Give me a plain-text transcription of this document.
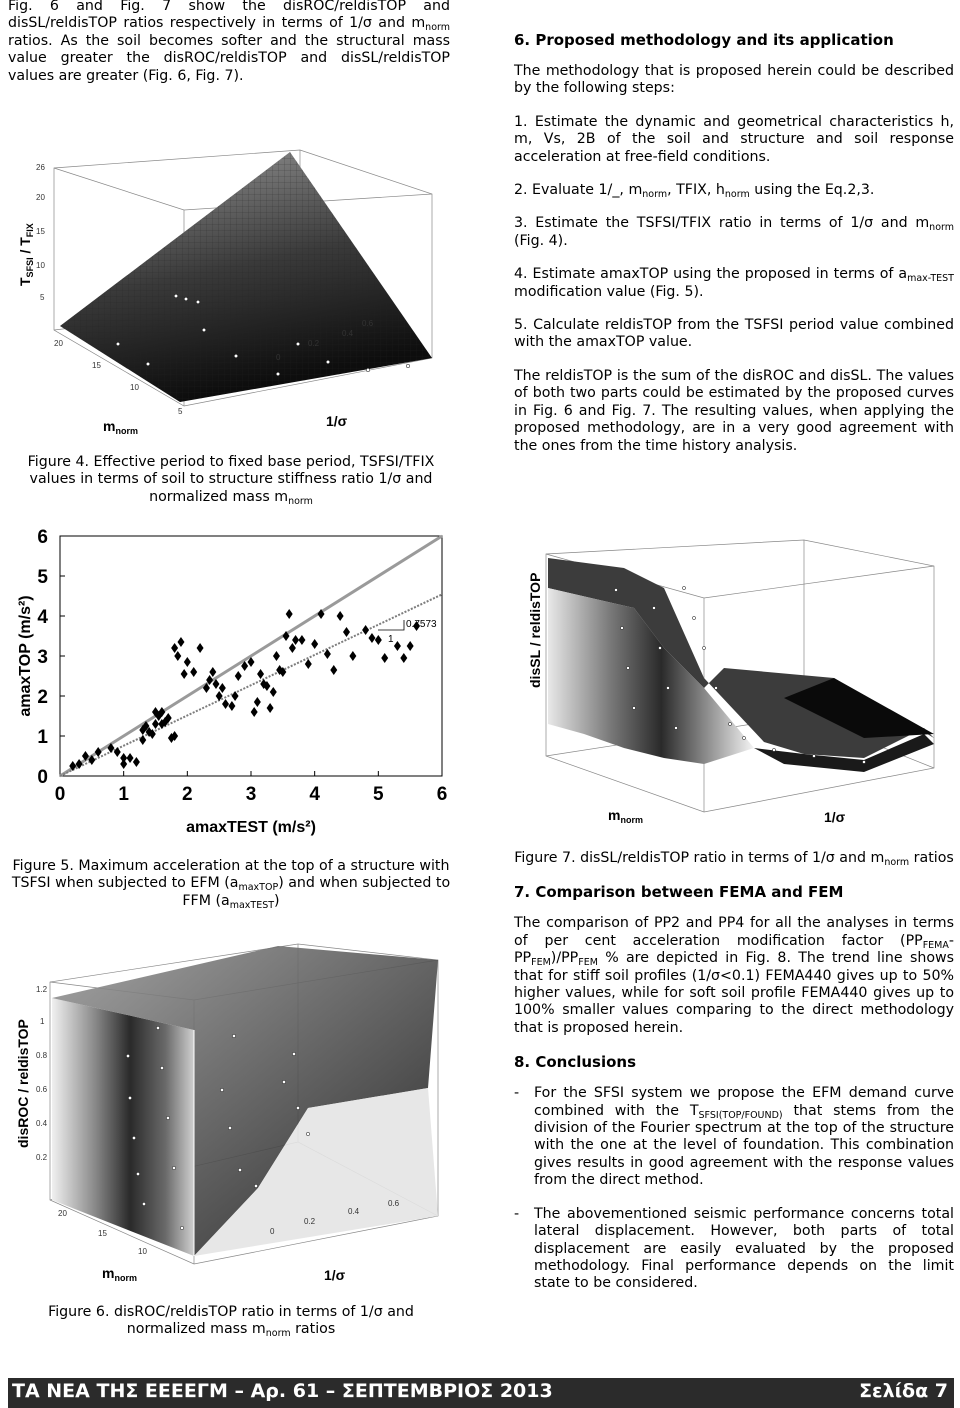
Fig. 6 and Fig. 7 show the disROC/reldisTOP and disSL/reldisTOP ratios respectively in terms of 1/σ and $m_{norm}$ ratios. As the soil becomes softer and the structural mass value greater the disROC/reldisTOP and disSL/reldisTOP values are greater (Fig. 6, Fig. 7).
26
20
15
10
5
20
15
10
5
0.6
0.4
0.2
0
$m_{norm}$
1/σ
$T_{SFSI} / T_{FIX}$
Figure 4. Effective period to fixed base period, TSFSI/TFIX values in terms of soil to structure stiffness ratio 1/σ and normalized mass $m_{norm}$
0
1
2
3
4
5
6
0	1	2	3	4	5	6
amaxTEST (m/s²)
amaxTOP (m/s²)	0.7573
1
Figure 5. Maximum acceleration at the top of a structure with TSFSI when subjected to EFM $(a_{maxTOP})$ and when subjected to FFM $(a_{maxTEST})$
1.2
1
0.8
0.6
0.4
0.2
20
15
10
0.6
0.4
0.2
0
$m_{norm}$	1/σ
disROC / reldisTOP
Figure 6. disROC/reldisTOP ratio in terms of 1/σ and normalized mass $m_{norm}$ ratios
6. Proposed methodology and its application

The methodology that is proposed herein could be described by the following steps:

1. Estimate the dynamic and geometrical characteristics h, m, Vs, 2B of the soil and structure and soil response acceleration at free-field conditions.

2. Evaluate 1/_, $m_{norm}$, TFIX, $h_{norm}$ using the Eq.2,3.

3. Estimate the TSFSI/TFIX ratio in terms of 1/σ and $m_{norm}$ (Fig. 4).

4. Estimate amaxTOP using the proposed in terms of $a_{max-TEST}$ modification value (Fig. 5).

5. Calculate reldisTOP from the TSFSI period value combined with the amaxTOP value.

The reldisTOP is the sum of the disROC and disSL. The values of both two parts could be estimated by the proposed curves in Fig. 6 and Fig. 7. The resulting values, when applying the proposed methodology, are in a very good agreement with the ones from the time history analysis.

$m_{norm}$	1/σ
disSL / reldisTOP

Figure 7. disSL/reldisTOP ratio in terms of 1/σ and $m_{norm}$ ratios

7. Comparison between FEMA and FEM

The comparison of PP2 and PP4 for all the analyses in terms of per cent acceleration modification factor $(PP_{FEMA}-PP_{FEM})/PP_{FEM}$ % are depicted in Fig. 8. The trend line shows that for stiff soil profiles (1/σ<0.1) FEMA440 gives up to 50% higher values, while for soft soil profile FEMA440 gives up to 100% smaller values comparing to the direct methodology that is proposed herein.

8. Conclusions
-	For the SFSI system we propose the EFM demand curve combined with the $T_{SFSI(TOP/FOUND)}$ that stems from the division of the Fourier spectrum at the top of the structure with the one at the level of foundation. This combination gives results in good agreement with the response values from the direct method.

-	The abovementioned seismic performance concerns total lateral displacement. However, both parts of total displacement are easily evaluated by the proposed methodology. Final performance depends on the limit state to be considered.

ΤΑ ΝΕΑ ΤΗΣ ΕΕΕΕΓΜ – Αρ. 61 – ΣΕΠΤΕΜΒΡΙΟΣ 2013	Σελίδα 7
